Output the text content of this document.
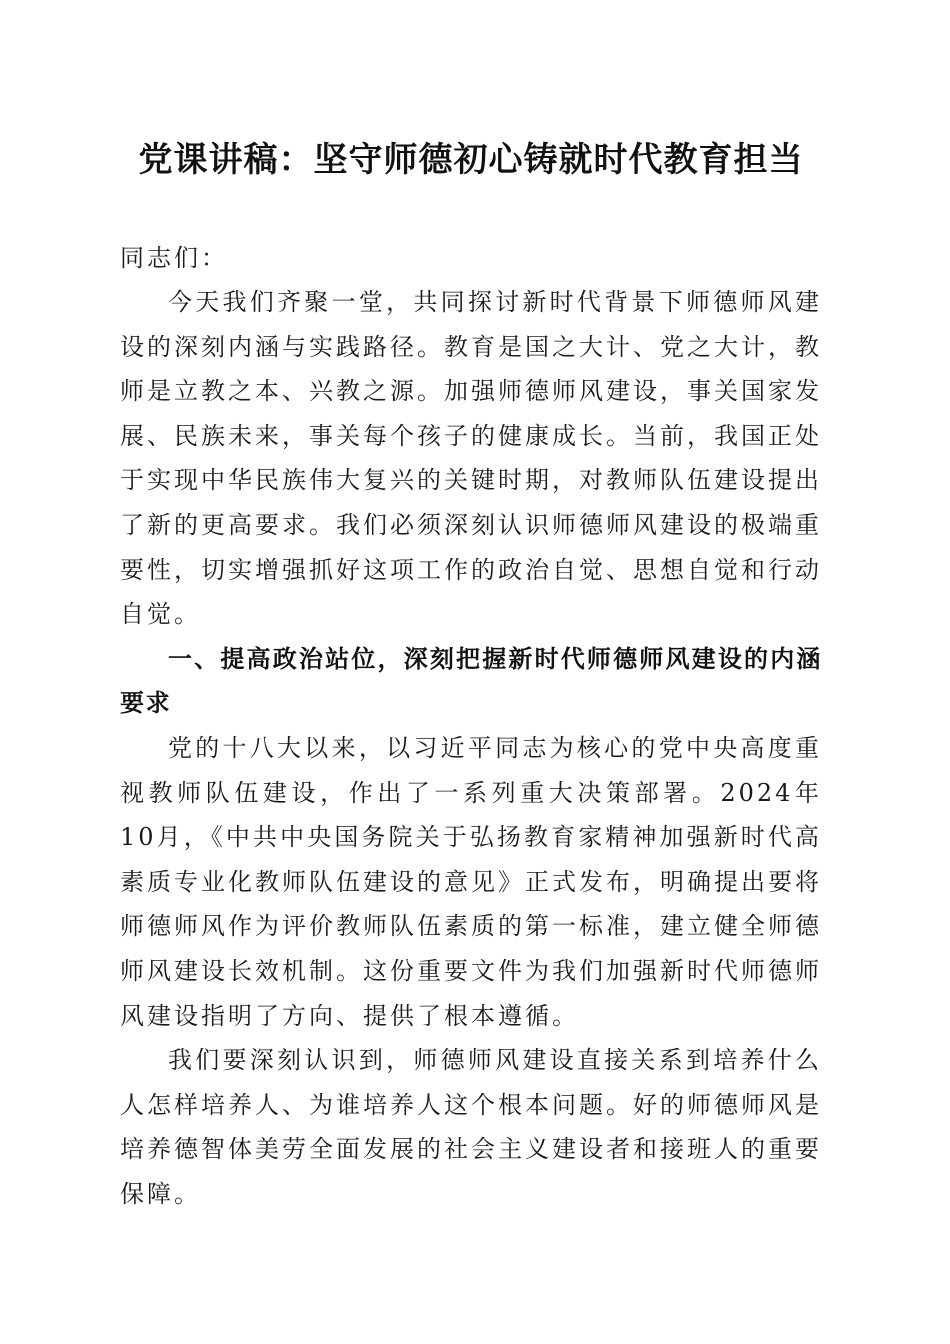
党课讲稿：坚守师德初心铸就时代教育担当

同志们：

今天我们齐聚一堂，共同探讨新时代背景下师德师风建设的深刻内涵与实践路径。教育是国之大计、党之大计，教师是立教之本、兴教之源。加强师德师风建设，事关国家发展、民族未来，事关每个孩子的健康成长。当前，我国正处于实现中华民族伟大复兴的关键时期，对教师队伍建设提出了新的更高要求。我们必须深刻认识师德师风建设的极端重要性，切实增强抓好这项工作的政治自觉、思想自觉和行动自觉。

一、提高政治站位，深刻把握新时代师德师风建设的内涵要求

党的十八大以来，以习近平同志为核心的党中央高度重视教师队伍建设，作出了一系列重大决策部署。2024年10月，《中共中央国务院关于弘扬教育家精神加强新时代高素质专业化教师队伍建设的意见》正式发布，明确提出要将师德师风作为评价教师队伍素质的第一标准，建立健全师德师风建设长效机制。这份重要文件为我们加强新时代师德师风建设指明了方向、提供了根本遵循。

我们要深刻认识到，师德师风建设直接关系到培养什么人怎样培养人、为谁培养人这个根本问题。好的师德师风是培养德智体美劳全面发展的社会主义建设者和接班人的重要保障。
